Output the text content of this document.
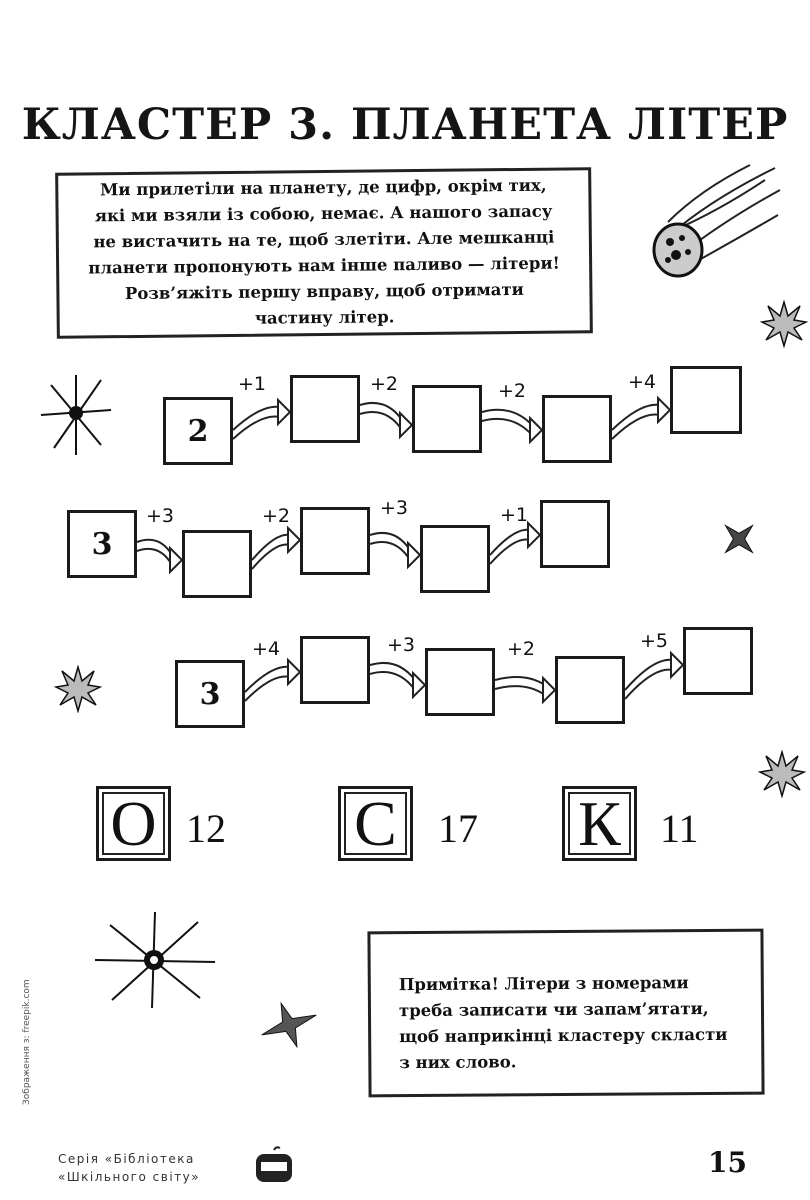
КЛАСТЕР 3. ПЛАНЕТА ЛІТЕР

Ми прилетіли на планету, де цифр, окрім тих, які ми взяли із собою, немає. А нашого запасу не вистачить на те, щоб злетіти. Але мешканці планети пропонують нам інше паливо — літери! Розв’яжіть першу вправу, щоб отримати частину літер.

2
+1	+2	+2	+4
3
+3	+2	+3	+1
3
+4	+3	+2	+5
О 12 С 17 К 11

Примітка! Літери з номерами треба записати чи запам’ятати, щоб наприкінці кластеру скласти з них слово.

Зображення з: freepik.com
Серія «Бібліотека
«Шкільного світу»	15
